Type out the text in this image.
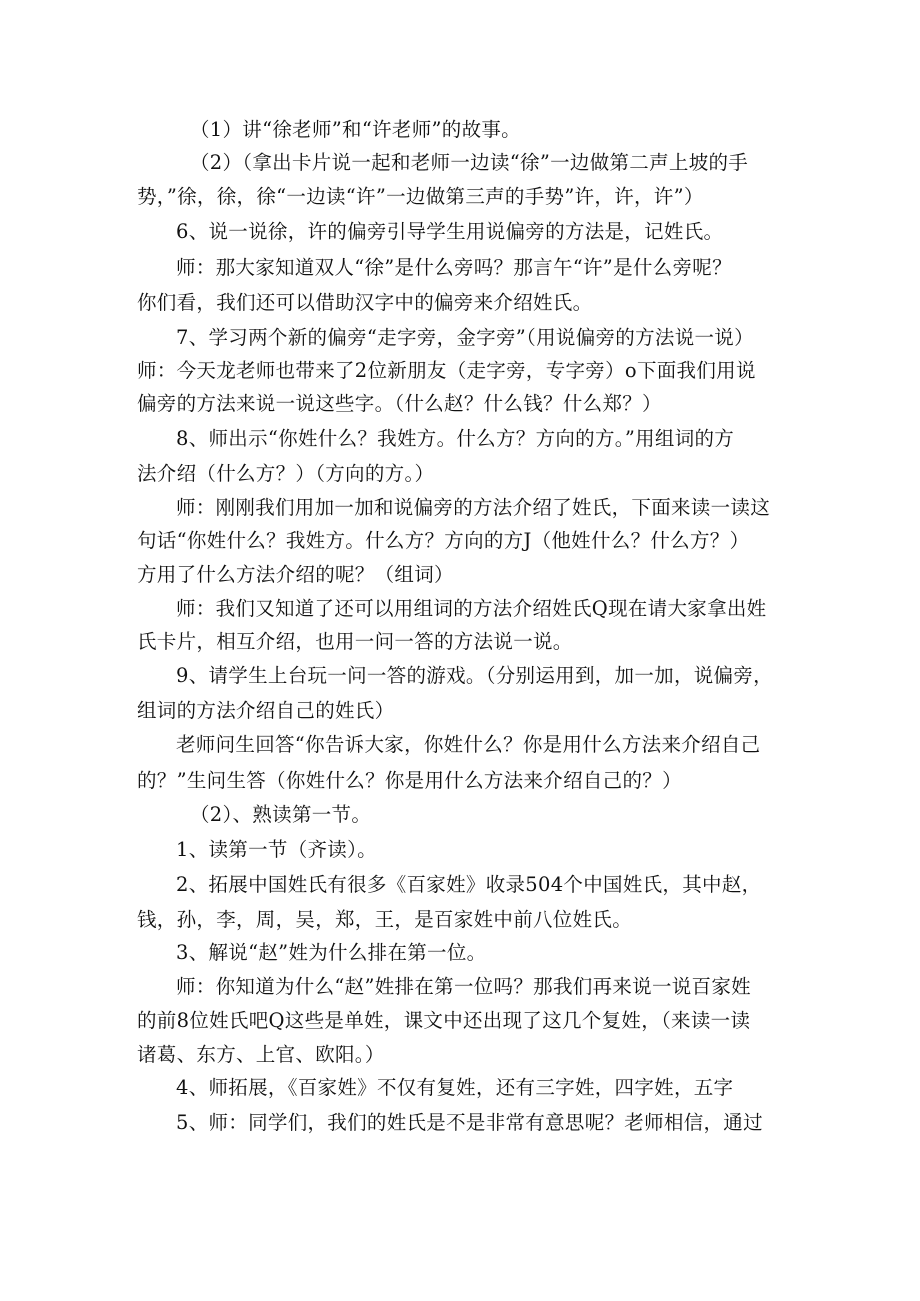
（1）讲“徐老师”和“许老师”的故事。
（2）（拿出卡片说一起和老师一边读“徐”一边做第二声上坡的手
势，”徐，徐，徐“一边读“许”一边做第三声的手势”许，许，许”）
6、说一说徐，许的偏旁引导学生用说偏旁的方法是，记姓氏。
师：那大家知道双人“徐”是什么旁吗？那言午“许”是什么旁呢？
你们看，我们还可以借助汉字中的偏旁来介绍姓氏。
7、学习两个新的偏旁“走字旁，金字旁”（用说偏旁的方法说一说）
师：今天龙老师也带来了2位新朋友（走字旁，专字旁）o下面我们用说
偏旁的方法来说一说这些字。（什么赵？什么钱？什么郑？）
8、师出示“你姓什么？我姓方。什么方？方向的方。”用组词的方
法介绍（什么方？）（方向的方。）
师：刚刚我们用加一加和说偏旁的方法介绍了姓氏，下面来读一读这
句话“你姓什么？我姓方。什么方？方向的方J（他姓什么？什么方？）
方用了什么方法介绍的呢？（组词）
师：我们又知道了还可以用组词的方法介绍姓氏Q现在请大家拿出姓
氏卡片，相互介绍，也用一问一答的方法说一说。
9、请学生上台玩一问一答的游戏。（分别运用到，加一加，说偏旁，
组词的方法介绍自己的姓氏）
老师问生回答“你告诉大家，你姓什么？你是用什么方法来介绍自己
的？”生问生答（你姓什么？你是用什么方法来介绍自己的？）
（2）、熟读第一节。
1、读第一节（齐读）。
2、拓展中国姓氏有很多《百家姓》收录504个中国姓氏，其中赵，
钱，孙，李，周，吴，郑，王，是百家姓中前八位姓氏。
3、解说“赵”姓为什么排在第一位。
师：你知道为什么“赵”姓排在第一位吗？那我们再来说一说百家姓
的前8位姓氏吧Q这些是单姓，课文中还出现了这几个复姓，（来读一读
诸葛、东方、上官、欧阳。）
4、师拓展，《百家姓》不仅有复姓，还有三字姓，四字姓，五字
5、师：同学们，我们的姓氏是不是非常有意思呢？老师相信，通过
